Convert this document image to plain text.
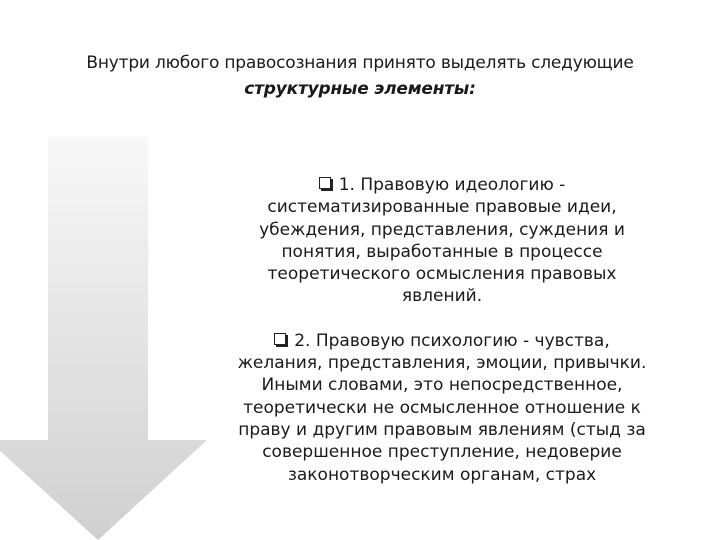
Внутри любого правосознания принято выделять следующие
структурные элементы:
1. Правовую идеологию - систематизированные правовые идеи, убеждения, представления, суждения и понятия, выработанные в процессе теоретического осмысления правовых явлений.
2. Правовую психологию - чувства, желания, представления, эмоции, привычки. Иными словами, это непосредственное, теоретически не осмысленное отношение к праву и другим правовым явлениям (стыд за совершенное преступление, недоверие законотворческим органам, страх
